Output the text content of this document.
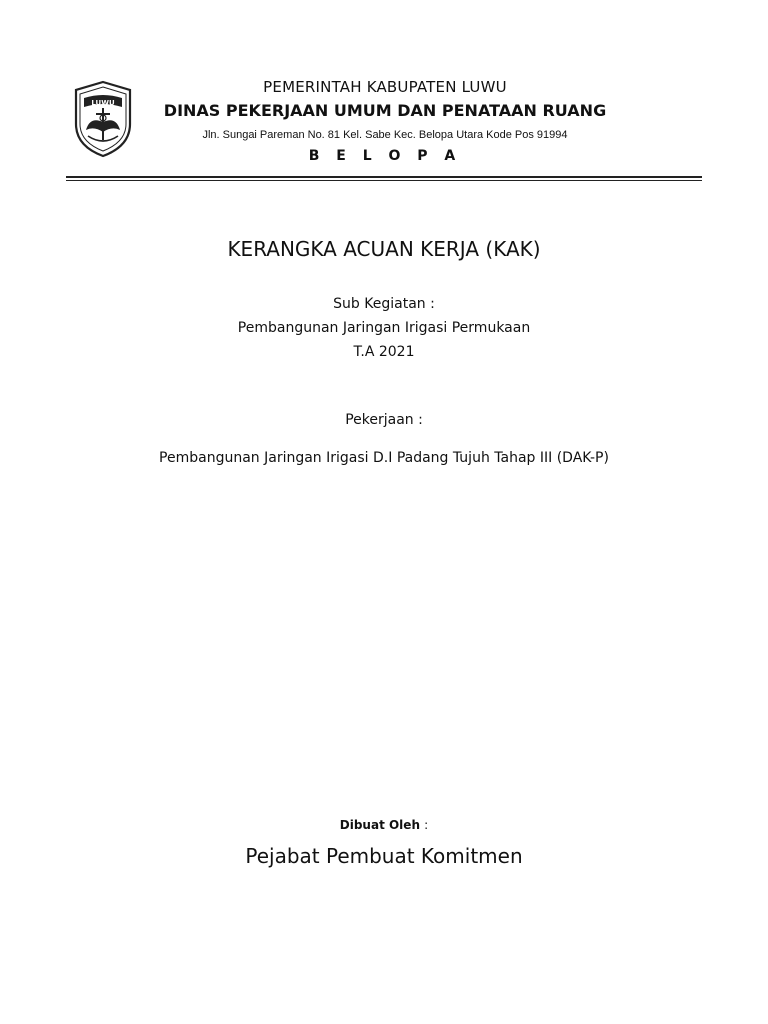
LUWU
PEMERINTAH KABUPATEN LUWU
DINAS PEKERJAAN UMUM DAN PENATAAN RUANG
Jln. Sungai Pareman No. 81 Kel. Sabe Kec. Belopa Utara Kode Pos 91994
B E L O P A
KERANGKA ACUAN KERJA (KAK)
Sub Kegiatan :
Pembangunan Jaringan Irigasi Permukaan
T.A 2021
Pekerjaan :
Pembangunan Jaringan Irigasi D.I Padang Tujuh Tahap III (DAK-P)
Dibuat Oleh :
Pejabat Pembuat Komitmen
